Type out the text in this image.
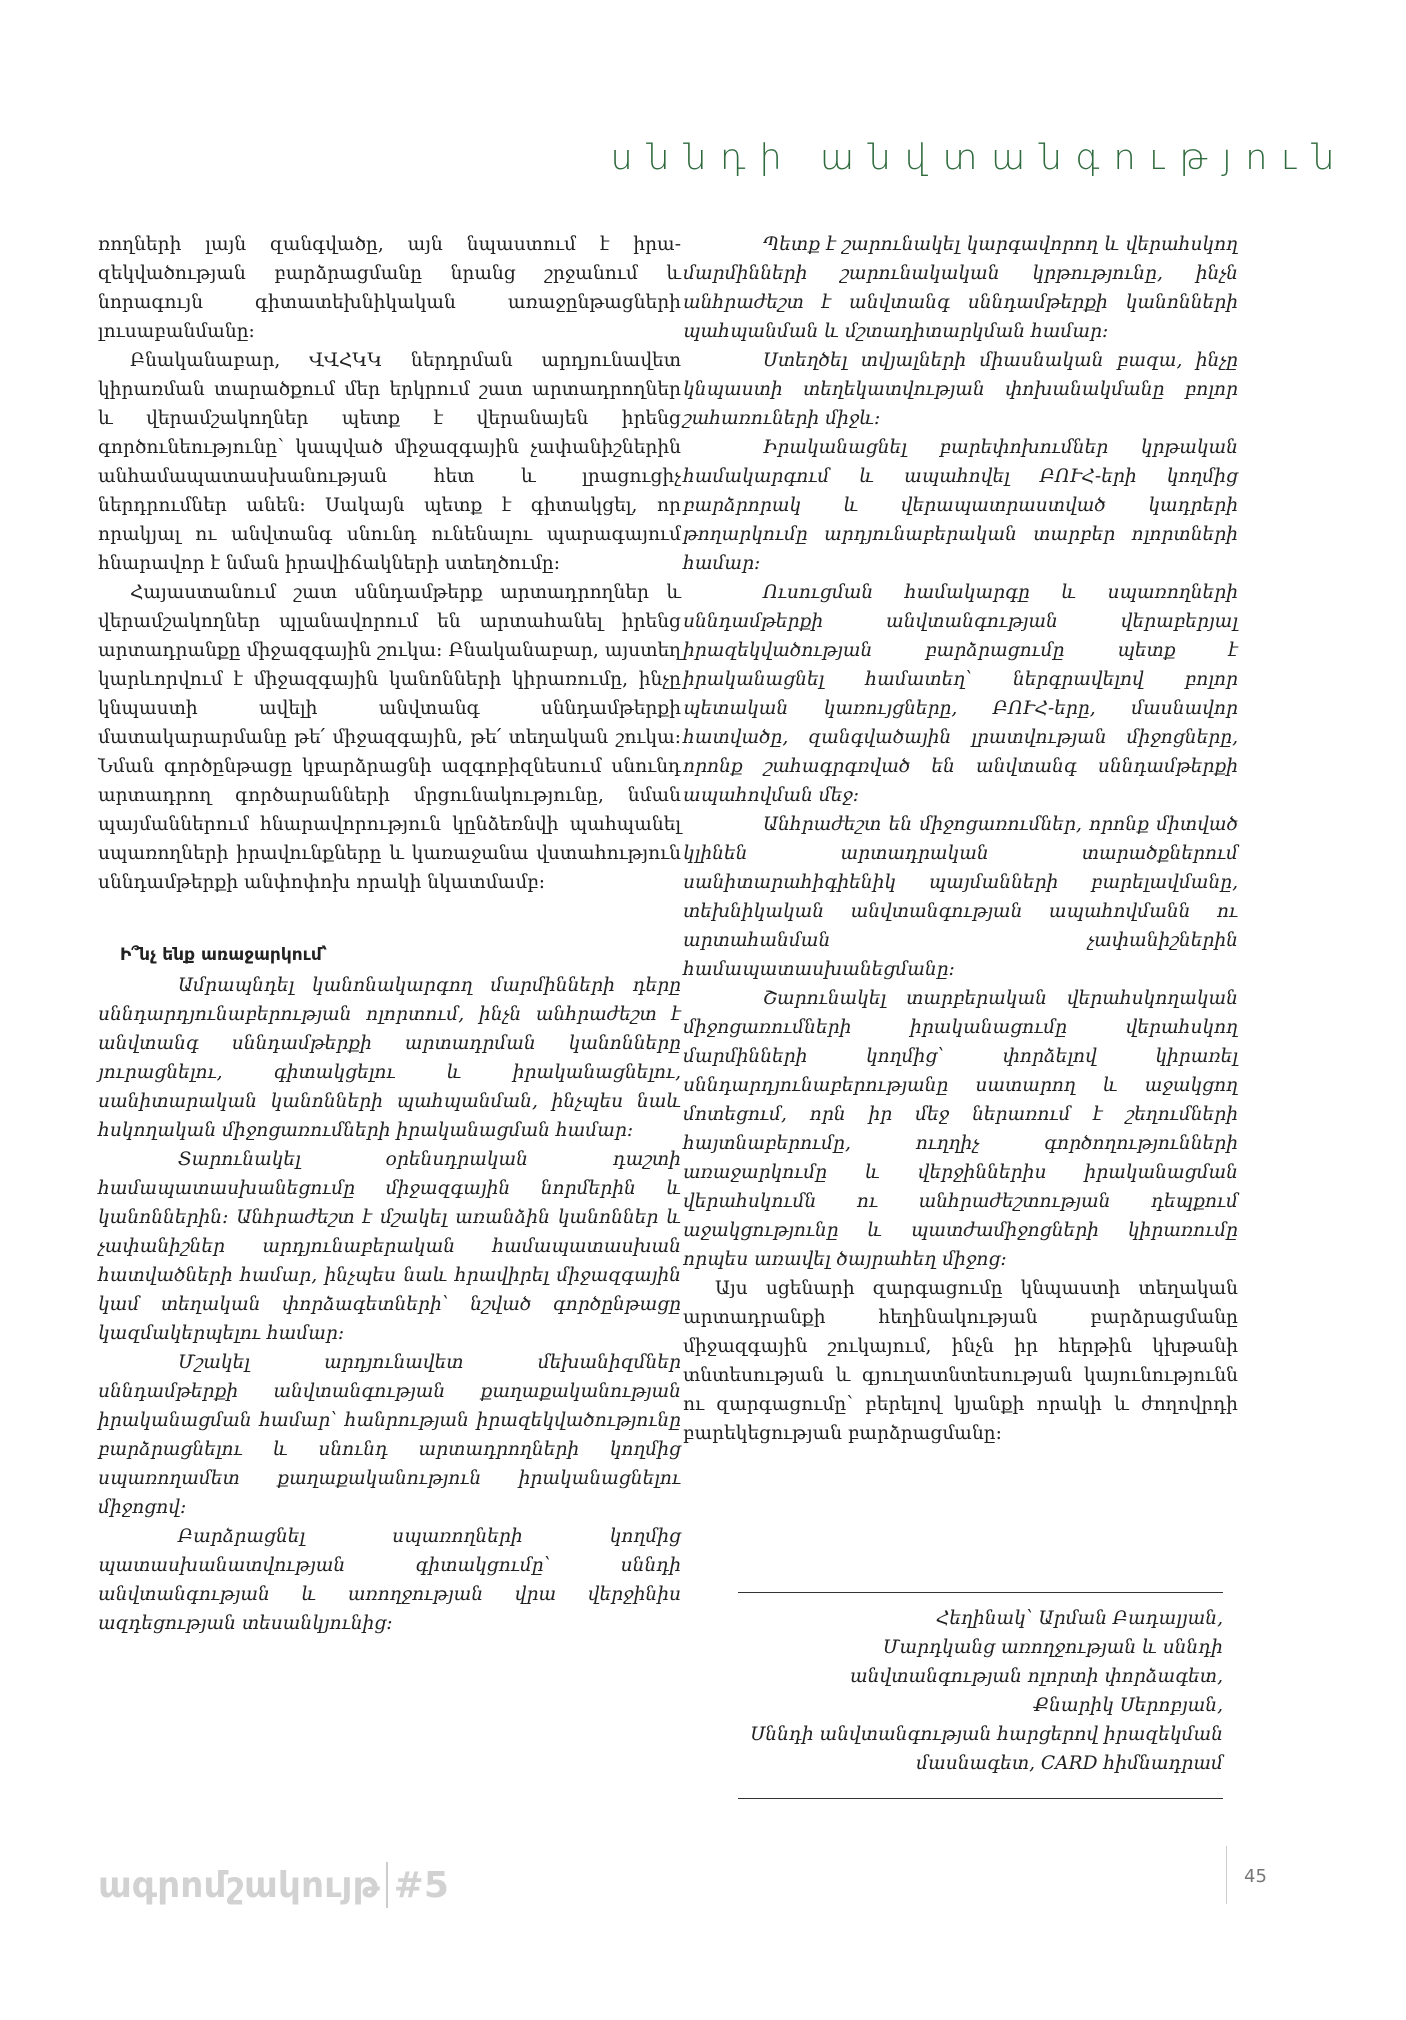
սննդի անվտանգություն

ռողների լայն զանգվածը, այն նպաստում է իրազեկվածության բարձրացմանը նրանց շրջանում և նորագույն գիտատեխնիկական առաջընթացների լուսաբանմանը:

Բնականաբար, ՎՎՀԿԿ ներդրման արդյունավետ կիրառման տարածքում մեր երկրում շատ արտադրողներ և վերամշակողներ պետք է վերանայեն իրենց գործունեությունը՝ կապված միջազգային չափանիշներին անհամապատասխանության հետ և լրացուցիչ ներդրումներ անեն: Սակայն պետք է գիտակցել, որ որակյալ ու անվտանգ սնունդ ունենալու պարագայում հնարավոր է նման իրավիճակների ստեղծումը:

Հայաստանում շատ սննդամթերք արտադրողներ և վերամշակողներ պլանավորում են արտահանել իրենց արտադրանքը միջազգային շուկա: Բնականաբար, այստեղ կարևորվում է միջազգային կանոնների կիրառումը, ինչը կնպաստի ավելի անվտանգ սննդամթերքի մատակարարմանը թե՛ միջազգային, թե՛ տեղական շուկա: Նման գործընթացը կբարձրացնի ազգոբիզնեսում սնունդ արտադրող գործարանների մրցունակությունը, նման պայմաններում հնարավորություն կընձեռնվի պահպանել սպառողների իրավունքները և կառաջանա վստահություն սննդամթերքի անփոփոխ որակի նկատմամբ:

Ի՞նչ ենք առաջարկում՝

Ամրապնդել կանոնակարգող մարմինների դերը սննդարդյունաբերության ոլորտում, ինչն անհրաժեշտ է անվտանգ սննդամթերքի արտադրման կանոնները յուրացնելու, գիտակցելու և իրականացնելու, սանիտարական կանոնների պահպանման, ինչպես նաև հսկողական միջոցառումների իրականացման համար:

Տարունակել օրենսդրական դաշտի համապատասխանեցումը միջազգային նորմերին և կանոններին: Անհրաժեշտ է մշակել առանձին կանոններ և չափանիշներ արդյունաբերական համապատասխան հատվածների համար, ինչպես նաև հրավիրել միջազգային կամ տեղական փորձագետների՝ նշված գործընթացը կազմակերպելու համար:

Մշակել արդյունավետ մեխանիզմներ սննդամթերքի անվտանգության քաղաքականության իրականացման համար՝ հանրության իրազեկվածությունը բարձրացնելու և սնունդ արտադրողների կողմից սպառողամետ քաղաքականություն իրականացնելու միջոցով:

Բարձրացնել սպառողների կողմից պատասխանատվության գիտակցումը՝ սննդի անվտանգության և առողջության վրա վերջինիս ազդեցության տեսանկյունից:

Պետք է շարունակել կարգավորող և վերահսկող մարմինների շարունակական կրթությունը, ինչն անհրաժեշտ է անվտանգ սննդամթերքի կանոնների պահպանման և մշտադիտարկման համար:

Ստեղծել տվյալների միասնական բազա, ինչը կնպաստի տեղեկատվության փոխանակմանը բոլոր շահառուների միջև:

Իրականացնել բարեփոխումներ կրթական համակարգում և ապահովել ԲՈՒՀ-երի կողմից բարձրորակ և վերապատրաստված կադրերի թողարկումը արդյունաբերական տարբեր ոլորտների համար:

Ուսուցման համակարգը և սպառողների սննդամթերքի անվտանգության վերաբերյալ իրազեկվածության բարձրացումը պետք է իրականացնել համատեղ՝ ներգրավելով բոլոր պետական կառույցները, ԲՈՒՀ-երը, մասնավոր հատվածը, զանգվածային լրատվության միջոցները, որոնք շահագրգռված են անվտանգ սննդամթերքի ապահովման մեջ:

Անհրաժեշտ են միջոցառումներ, որոնք միտված կլինեն արտադրական տարածքներում սանիտարահիգիենիկ պայմանների բարելավմանը, տեխնիկական անվտանգության ապահովմանն ու արտահանման չափանիշներին համապատասխանեցմանը:

Շարունակել տարբերական վերահսկողական միջոցառումների իրականացումը վերահսկող մարմինների կողմից՝ փորձելով կիրառել սննդարդյունաբերությանը սատարող և աջակցող մոտեցում, որն իր մեջ ներառում է շեղումների հայտնաբերումը, ուղղիչ գործողությունների առաջարկումը և վերջիններիս իրականացման վերահսկումն ու անհրաժեշտության դեպքում աջակցությունը և պատժամիջոցների կիրառումը որպես առավել ծայրահեղ միջոց:

Այս սցենարի զարգացումը կնպաստի տեղական արտադրանքի հեղինակության բարձրացմանը միջազգային շուկայում, ինչն իր հերթին կխթանի տնտեսության և գյուղատնտեսության կայունությունն ու զարգացումը՝ բերելով կյանքի որակի և ժողովրդի բարեկեցության բարձրացմանը:

Հեղինակ՝ Արման Բադալյան,
Մարդկանց առողջության և սննդի
անվտանգության ոլորտի փորձագետ,
Քնարիկ Սերոբյան,
Սննդի անվտանգության հարցերով իրազեկման
մասնագետ, CARD հիմնադրամ
ագրոմշակույթ #5	45
